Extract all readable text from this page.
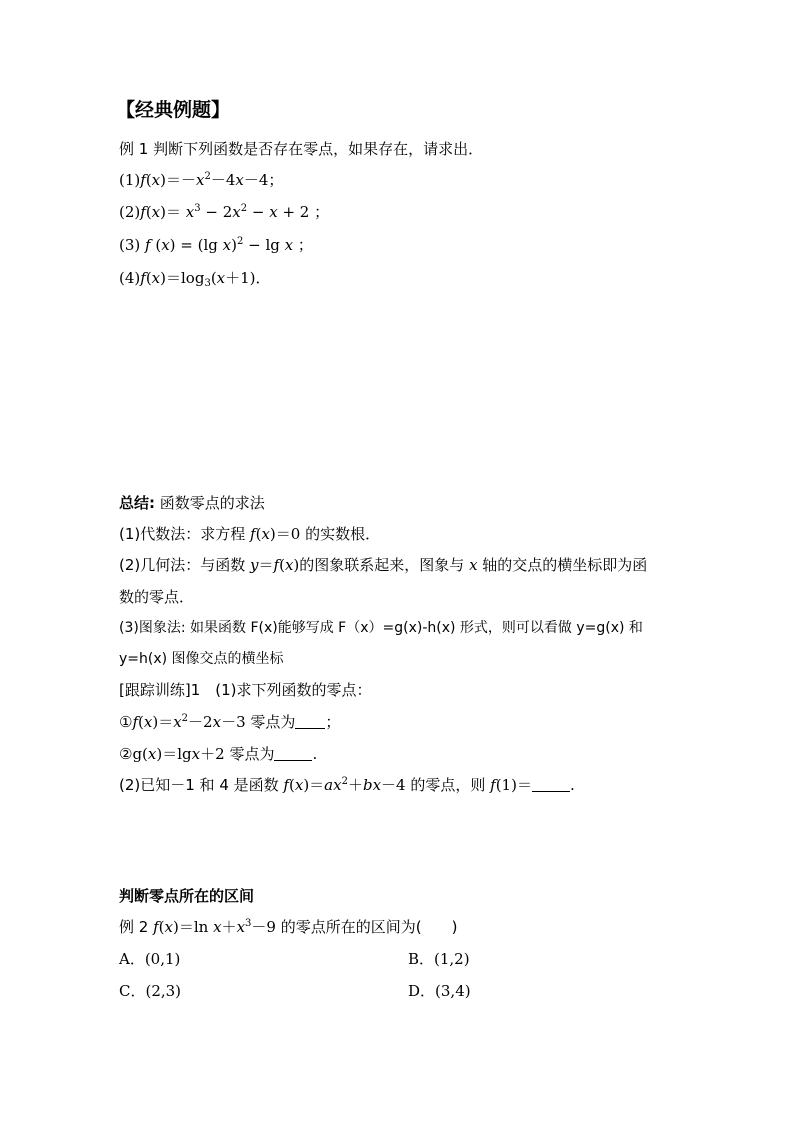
【经典例题】
例 1 判断下列函数是否存在零点，如果存在，请求出．
$(1)f(x)=-x^2-4x-4$；
$(2)f(x)= x^3 - 2x^2 - x + 2$ ；
(3) f (x) = (lg x)$^2$ − lg x ；
$(4)f(x)=\log_3(x+1)$．
总结: 函数零点的求法
(1)代数法：求方程 f(x)＝0 的实数根．
(2)几何法：与函数 y＝f(x)的图象联系起来，图象与 x 轴的交点的横坐标即为函
数的零点．
(3)图象法: 如果函数 F(x)能够写成 F（x）=g(x)-h(x) 形式，则可以看做 y=g(x) 和
y=h(x) 图像交点的横坐标
[跟踪训练]1　(1)求下列函数的零点：
$①f(x)=x^2-2x-3$ 零点为 ；
②g(x)＝lgx＋2 零点为	.
(2)已知－1 和 4 是函数 $f(x)=ax^2+bx-4$ 的零点，则 f(1)＝	.
判断零点所在的区间
例 2 f(x)＝ln $x+x^3-9$ 的零点所在的区间为(　　)
A．(0,1)	B．(1,2)
C．(2,3)	D．(3,4)
